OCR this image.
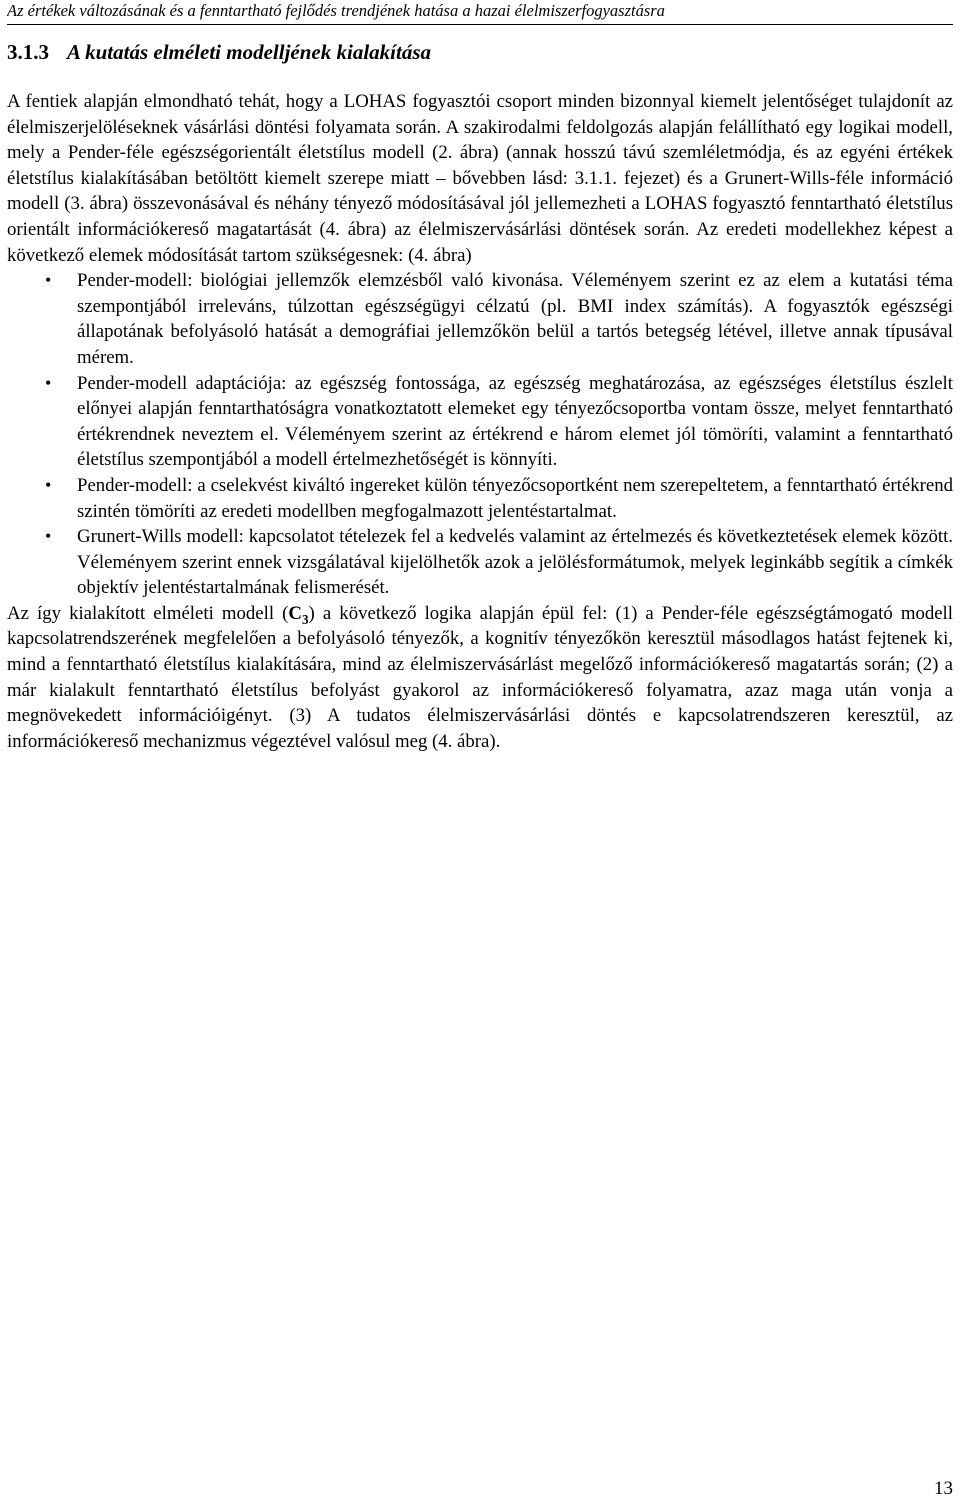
Az értékek változásának és a fenntartható fejlődés trendjének hatása a hazai élelmiszerfogyasztásra
3.1.3 A kutatás elméleti modelljének kialakítása

A fentiek alapján elmondható tehát, hogy a LOHAS fogyasztói csoport minden bizonnyal kiemelt jelentőséget tulajdonít az élelmiszerjelöléseknek vásárlási döntési folyamata során. A szakirodalmi feldolgozás alapján felállítható egy logikai modell, mely a Pender-féle egészségorientált életstílus modell (2. ábra) (annak hosszú távú szemléletmódja, és az egyéni értékek életstílus kialakításában betöltött kiemelt szerepe miatt – bővebben lásd: 3.1.1. fejezet) és a Grunert-Wills-féle információ modell (3. ábra) összevonásával és néhány tényező módosításával jól jellemezheti a LOHAS fogyasztó fenntartható életstílus orientált információkereső magatartását (4. ábra) az élelmiszervásárlási döntések során. Az eredeti modellekhez képest a következő elemek módosítását tartom szükségesnek: (4. ábra)

• Pender-modell: biológiai jellemzők elemzésből való kivonása. Véleményem szerint ez az elem a kutatási téma szempontjából irreleváns, túlzottan egészségügyi célzatú (pl. BMI index számítás). A fogyasztók egészségi állapotának befolyásoló hatását a demográfiai jellemzőkön belül a tartós betegség létével, illetve annak típusával mérem.
• Pender-modell adaptációja: az egészség fontossága, az egészség meghatározása, az egészséges életstílus észlelt előnyei alapján fenntarthatóságra vonatkoztatott elemeket egy tényezőcsoportba vontam össze, melyet fenntartható értékrendnek neveztem el. Véleményem szerint az értékrend e három elemet jól tömöríti, valamint a fenntartható életstílus szempontjából a modell értelmezhetőségét is könnyíti.
• Pender-modell: a cselekvést kiváltó ingereket külön tényezőcsoportként nem szerepeltetem, a fenntartható értékrend szintén tömöríti az eredeti modellben megfogalmazott jelentéstartalmat.
• Grunert-Wills modell: kapcsolatot tételezek fel a kedvelés valamint az értelmezés és következtetések elemek között. Véleményem szerint ennek vizsgálatával kijelölhetők azok a jelölésformátumok, melyek leginkább segítik a címkék objektív jelentéstartalmának felismerését.

Az így kialakított elméleti modell $(C_3)$ a következő logika alapján épül fel: (1) a Pender-féle egészségtámogató modell kapcsolatrendszerének megfelelően a befolyásoló tényezők, a kognitív tényezőkön keresztül másodlagos hatást fejtenek ki, mind a fenntartható életstílus kialakítására, mind az élelmiszervásárlást megelőző információkereső magatartás során; (2) a már kialakult fenntartható életstílus befolyást gyakorol az információkereső folyamatra, azaz maga után vonja a megnövekedett információigényt. (3) A tudatos élelmiszervásárlási döntés e kapcsolatrendszeren keresztül, az információkereső mechanizmus végeztével valósul meg (4. ábra).

13
